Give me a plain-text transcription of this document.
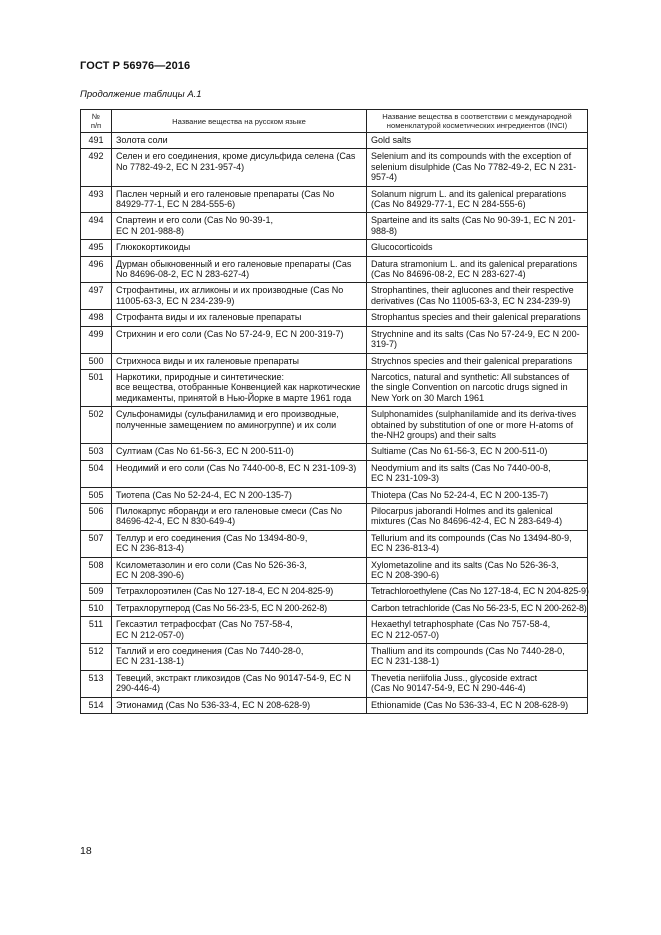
ГОСТ Р 56976—2016
Продолжение таблицы А.1
№
п/п	Название вещества на русском языке	Название вещества в соответствии с международной номенклатурой косметических ингредиентов (INCI)
491	Золота соли	Gold salts
492	Селен и его соединения, кроме дисульфида селена (Cas No 7782-49-2, EC N 231-957-4)	Selenium and its compounds with the exception of selenium disulphide (Cas No 7782-49-2, EC N 231-957-4)
493	Паслен черный и его галеновые препараты (Cas No 84929-77-1, EC N 284-555-6)	Solanum nigrum L. and its galenical preparations (Cas No 84929-77-1, EC N 284-555-6)
494	Спартеин и его соли (Cas No 90-39-1,
EC N 201-988-8)	Sparteine and its salts (Cas No 90-39-1, EC N 201-988-8)
495	Глюкокортикоиды	Glucocorticoids
496	Дурман обыкновенный и его галеновые препараты (Cas No 84696-08-2, EC N 283-627-4)	Datura stramonium L. and its galenical preparations (Cas No 84696-08-2, EC N 283-627-4)
497	Строфантины, их агликоны и их производные (Cas No 11005-63-3, EC N 234-239-9)	Strophantines, their aglucones and their respective derivatives (Cas No 11005-63-3, EC N 234-239-9)
498	Строфанта виды и их галеновые препараты	Strophantus species and their galenical preparations
499	Стрихнин и его соли (Cas No 57-24-9, EC N 200-319-7)	Strychnine and its salts (Cas No 57-24-9, EC N 200-319-7)
500	Стрихноса виды и их галеновые препараты	Strychnos species and their galenical preparations
501	Наркотики, природные и синтетические:
все вещества, отобранные Конвенцией как наркотические медикаменты, принятой в Нью-Йорке в марте 1961 года	Narcotics, natural and synthetic: All substances of the single Convention on narcotic drugs signed in New York on 30 March 1961
502	Сульфонамиды (сульфаниламид и его производные, полученные замещением по аминогруппе) и их соли	Sulphonamides (sulphanilamide and its deriva-tives obtained by substitution of one or more H-atoms of the-NH2 groups) and their salts
503	Султиам (Cas No 61-56-3, EC N 200-511-0)	Sultiame (Cas No 61-56-3, EC N 200-511-0)
504	Неодимий и его соли (Cas No 7440-00-8, EC N 231-109-3)	Neodymium and its salts (Cas No 7440-00-8,
EC N 231-109-3)
505	Тиотепа (Cas No 52-24-4, EC N 200-135-7)	Thiotepa (Cas No 52-24-4, EC N 200-135-7)
506	Пилокарпус яборанди и его галеновые смеси (Cas No 84696-42-4, EC N 830-649-4)	Pilocarpus jaborandi Holmes and its galenical mixtures (Cas No 84696-42-4, EC N 283-649-4)
507	Теллур и его соединения (Cas No 13494-80-9,
EC N 236-813-4)	Tellurium and its compounds (Cas No 13494-80-9,
EC N 236-813-4)
508	Ксилометазолин и его соли (Cas No 526-36-3,
EC N 208-390-6)	Xylometazoline and its salts (Cas No 526-36-3,
EC N 208-390-6)
509	Тетрахлороэтилен (Cas No 127-18-4, EC N 204-825-9)	Tetrachloroethylene (Cas No 127-18-4, EC N 204-825-9)
510	Тетрахлоругперод (Cas No 56-23-5, EC N 200-262-8)	Carbon tetrachloride (Cas No 56-23-5, EC N 200-262-8)
511	Гексаэтил тетрафосфат (Cas No 757-58-4,
EC N 212-057-0)	Hexaethyl tetraphosphate (Cas No 757-58-4,
EC N 212-057-0)
512	Таллий и его соединения (Cas No 7440-28-0,
EC N 231-138-1)	Thallium and its compounds (Cas No 7440-28-0,
EC N 231-138-1)
513	Тевеций, экстракт гликозидов (Cas No 90147-54-9, EC N 290-446-4)	Thevetia neriifolia Juss., glycoside extract
(Cas No 90147-54-9, EC N 290-446-4)
514	Этионамид (Cas No 536-33-4, EC N 208-628-9)	Ethionamide (Cas No 536-33-4, EC N 208-628-9)
18
